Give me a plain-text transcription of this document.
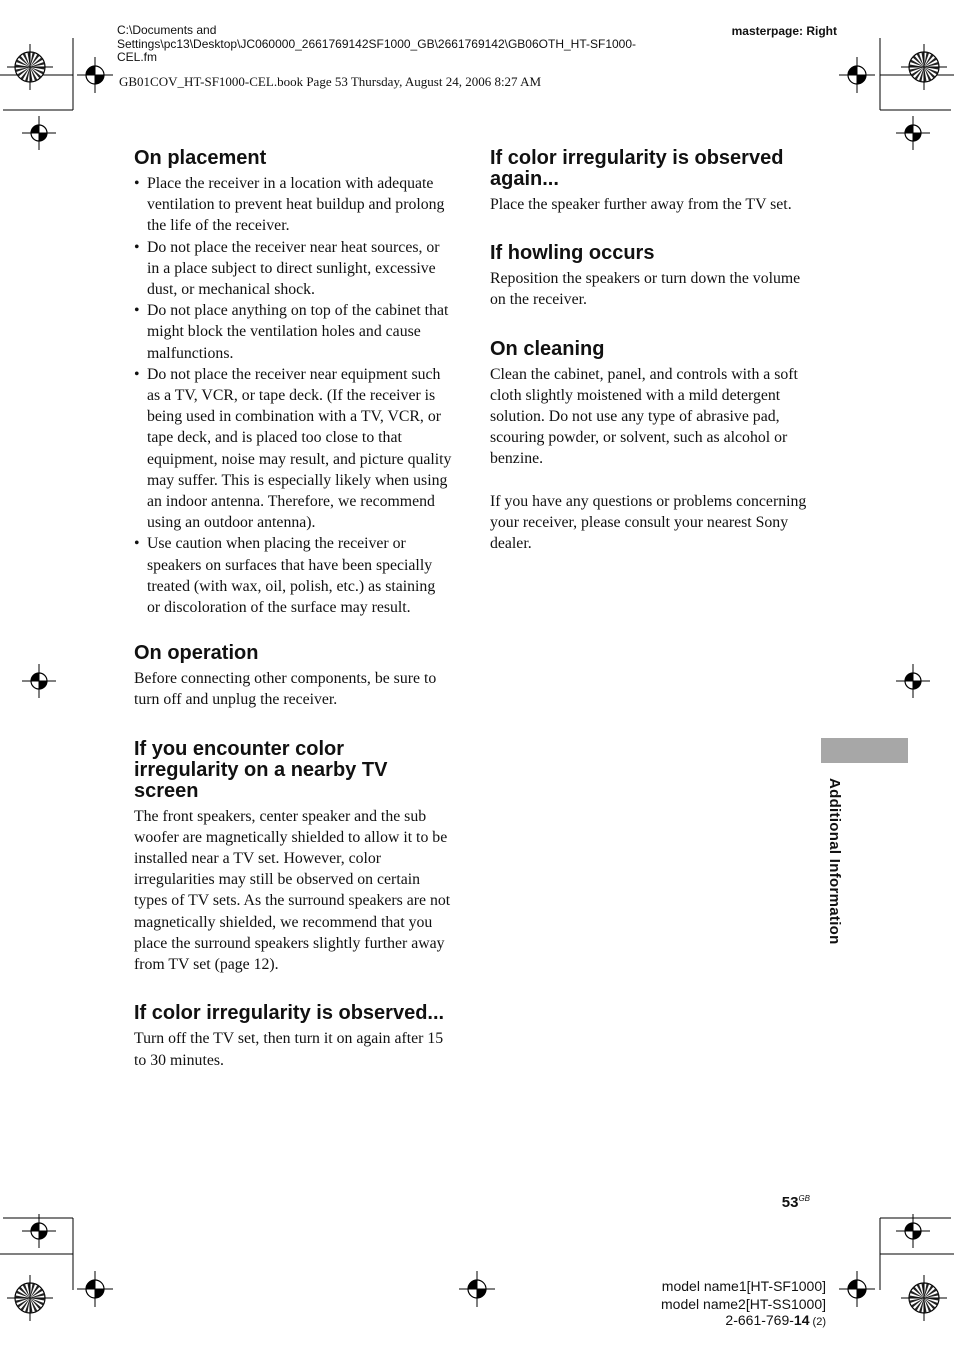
C:\Documents and
Settings\pc13\Desktop\JC060000_2661769142SF1000_GB\2661769142\GB06OTH_HT-SF1000-
CEL.fm
masterpage: Right
GB01COV_HT-SF1000-CEL.book Page 53 Thursday, August 24, 2006 8:27 AM
On placement
• Place the receiver in a location with adequate ventilation to prevent heat buildup and prolong the life of the receiver.
• Do not place the receiver near heat sources, or in a place subject to direct sunlight, excessive dust, or mechanical shock.
• Do not place anything on top of the cabinet that might block the ventilation holes and cause malfunctions.
• Do not place the receiver near equipment such as a TV, VCR, or tape deck. (If the receiver is being used in combination with a TV, VCR, or tape deck, and is placed too close to that equipment, noise may result, and picture quality may suffer. This is especially likely when using an indoor antenna. Therefore, we recommend using an outdoor antenna).
• Use caution when placing the receiver or speakers on surfaces that have been specially treated (with wax, oil, polish, etc.) as staining or discoloration of the surface may result.
On operation

Before connecting other components, be sure to turn off and unplug the receiver.

If you encounter color irregularity on a nearby TV screen

The front speakers, center speaker and the sub woofer are magnetically shielded to allow it to be installed near a TV set. However, color irregularities may still be observed on certain types of TV sets. As the surround speakers are not magnetically shielded, we recommend that you place the surround speakers slightly further away from TV set (page 12).

If color irregularity is observed...

Turn off the TV set, then turn it on again after 15 to 30 minutes.

If color irregularity is observed again...

Place the speaker further away from the TV set.

If howling occurs

Reposition the speakers or turn down the volume on the receiver.

On cleaning

Clean the cabinet, panel, and controls with a soft cloth slightly moistened with a mild detergent solution. Do not use any type of abrasive pad, scouring powder, or solvent, such as alcohol or benzine.

If you have any questions or problems concerning your receiver, please consult your nearest Sony dealer.

Additional Information
$53^{GB}$
model name1[HT-SF1000]
model name2[HT-SS1000]
2-661-769-14 (2)
